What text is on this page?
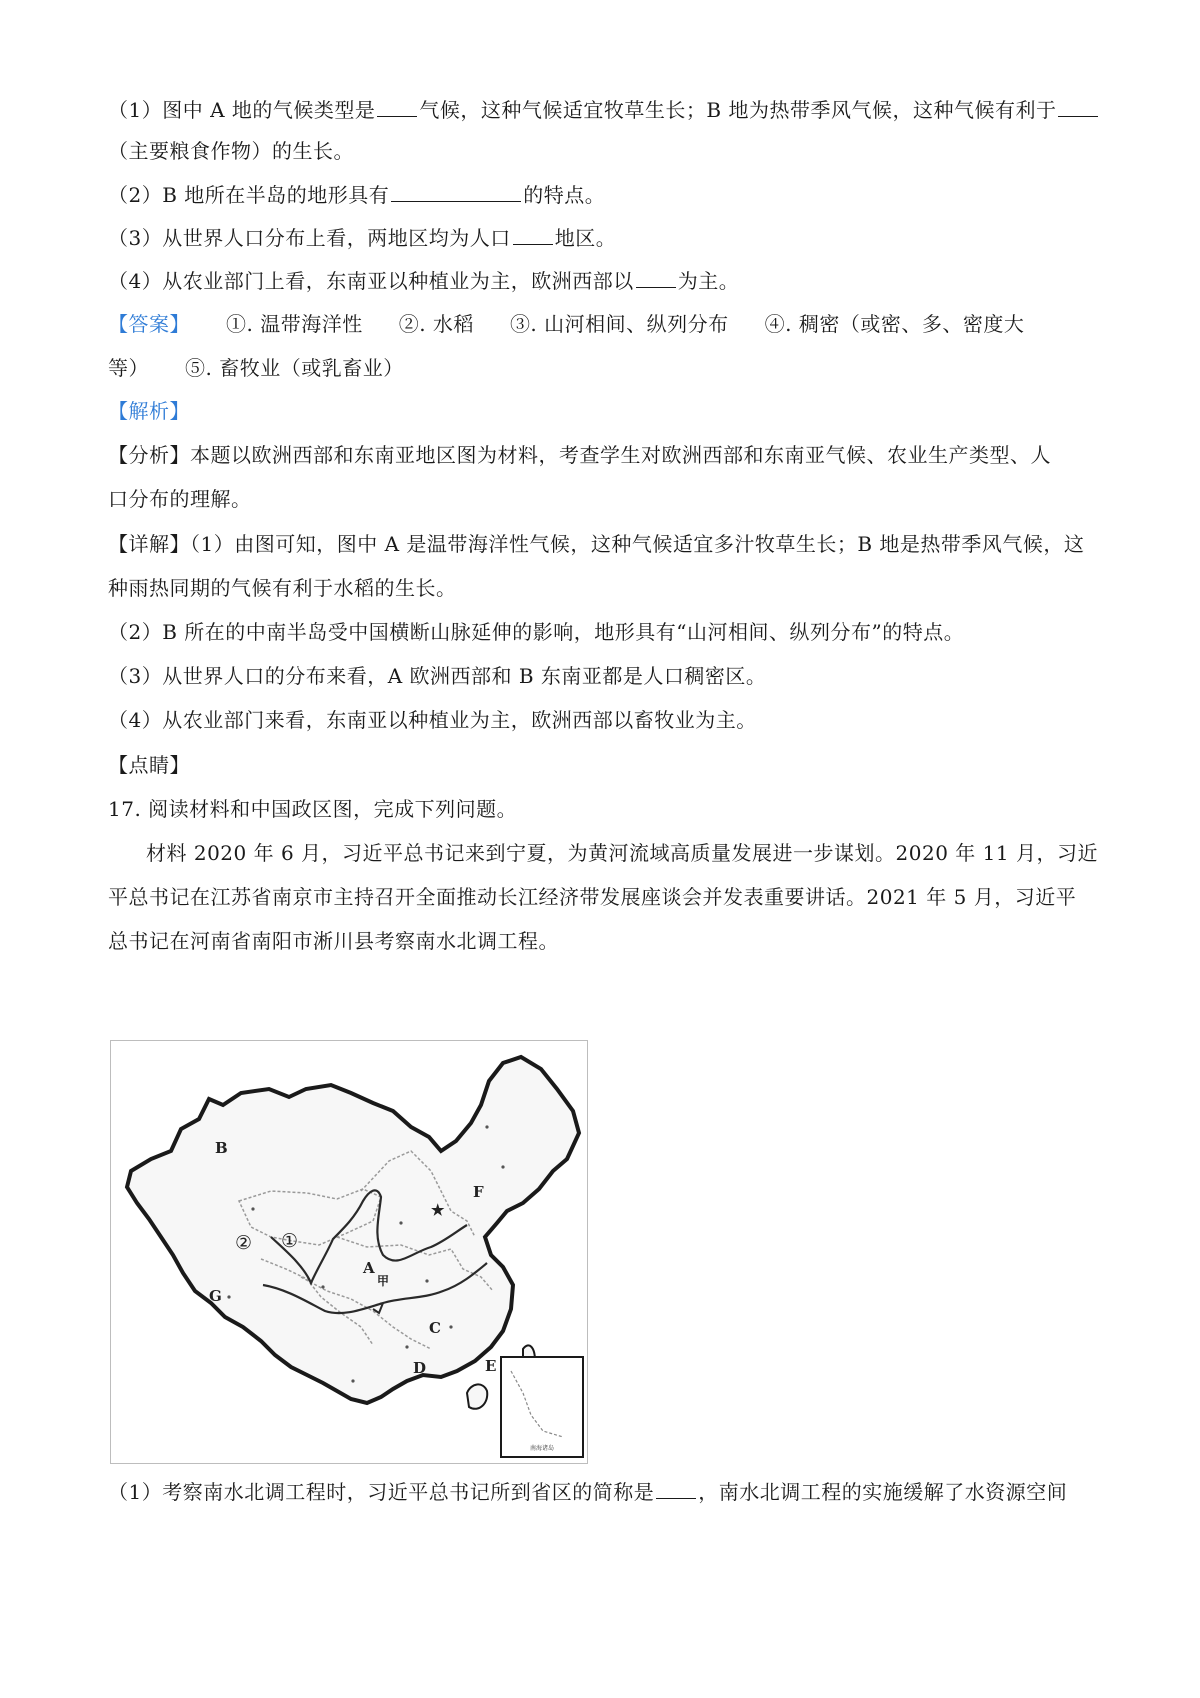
（1）图中 A 地的气候类型是 气候，这种气候适宜牧草生长；B 地为热带季风气候，这种气候有利于
（主要粮食作物）的生长。
（2）B 地所在半岛的地形具有	的特点。
（3）从世界人口分布上看，两地区均为人口 地区。
（4）从农业部门上看，东南亚以种植业为主，欧洲西部以 为主。
【答案】 ①. 温带海洋性 ②. 水稻 ③. 山河相间、纵列分布 ④. 稠密（或密、多、密度大
等） ⑤. 畜牧业（或乳畜业）
【解析】
【分析】本题以欧洲西部和东南亚地区图为材料，考查学生对欧洲西部和东南亚气候、农业生产类型、人
口分布的理解。
【详解】（1）由图可知，图中 A 是温带海洋性气候，这种气候适宜多汁牧草生长；B 地是热带季风气候，这
种雨热同期的气候有利于水稻的生长。
（2）B 所在的中南半岛受中国横断山脉延伸的影响，地形具有“山河相间、纵列分布”的特点。
（3）从世界人口的分布来看，A 欧洲西部和 B 东南亚都是人口稠密区。
（4）从农业部门来看，东南亚以种植业为主，欧洲西部以畜牧业为主。
【点睛】
17. 阅读材料和中国政区图，完成下列问题。
材料 2020 年 6 月，习近平总书记来到宁夏，为黄河流域高质量发展进一步谋划。2020 年 11 月，习近
平总书记在江苏省南京市主持召开全面推动长江经济带发展座谈会并发表重要讲话。2021 年 5 月，习近平
总书记在河南省南阳市淅川县考察南水北调工程。
南海诸岛
★
B
F
A
甲
G
C
D	E
② ①
（1）考察南水北调工程时，习近平总书记所到省区的简称是 ，南水北调工程的实施缓解了水资源空间
